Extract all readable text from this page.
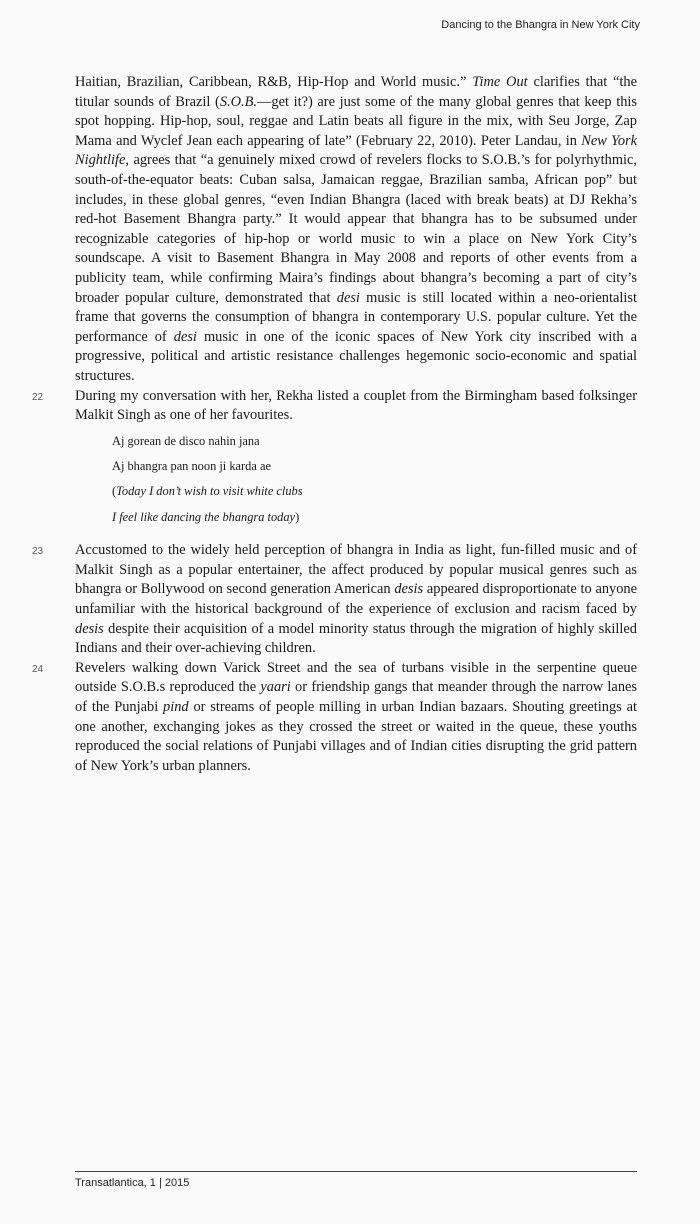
Dancing to the Bhangra in New York City

Haitian, Brazilian, Caribbean, R&B, Hip-Hop and World music.” Time Out clarifies that “the titular sounds of Brazil (S.O.B.—get it?) are just some of the many global genres that keep this spot hopping. Hip-hop, soul, reggae and Latin beats all figure in the mix, with Seu Jorge, Zap Mama and Wyclef Jean each appearing of late” (February 22, 2010). Peter Landau, in New York Nightlife, agrees that “a genuinely mixed crowd of revelers flocks to S.O.B.’s for polyrhythmic, south-of-the-equator beats: Cuban salsa, Jamaican reggae, Brazilian samba, African pop” but includes, in these global genres, “even Indian Bhangra (laced with break beats) at DJ Rekha’s red-hot Basement Bhangra party.” It would appear that bhangra has to be subsumed under recognizable categories of hip-hop or world music to win a place on New York City’s soundscape. A visit to Basement Bhangra in May 2008 and reports of other events from a publicity team, while confirming Maira’s findings about bhangra’s becoming a part of city’s broader popular culture, demonstrated that desi music is still located within a neo-orientalist frame that governs the consumption of bhangra in contemporary U.S. popular culture. Yet the performance of desi music in one of the iconic spaces of New York city inscribed with a progressive, political and artistic resistance challenges hegemonic socio-economic and spatial structures.

22 During my conversation with her, Rekha listed a couplet from the Birmingham based folksinger Malkit Singh as one of her favourites.

Aj gorean de disco nahin jana
Aj bhangra pan noon ji karda ae
(Today I don’t wish to visit white clubs
I feel like dancing the bhangra today)

23 Accustomed to the widely held perception of bhangra in India as light, fun-filled music and of Malkit Singh as a popular entertainer, the affect produced by popular musical genres such as bhangra or Bollywood on second generation American desis appeared disproportionate to anyone unfamiliar with the historical background of the experience of exclusion and racism faced by desis despite their acquisition of a model minority status through the migration of highly skilled Indians and their over-achieving children.

24 Revelers walking down Varick Street and the sea of turbans visible in the serpentine queue outside S.O.B.s reproduced the yaari or friendship gangs that meander through the narrow lanes of the Punjabi pind or streams of people milling in urban Indian bazaars. Shouting greetings at one another, exchanging jokes as they crossed the street or waited in the queue, these youths reproduced the social relations of Punjabi villages and of Indian cities disrupting the grid pattern of New York’s urban planners.

Transatlantica, 1 | 2015
